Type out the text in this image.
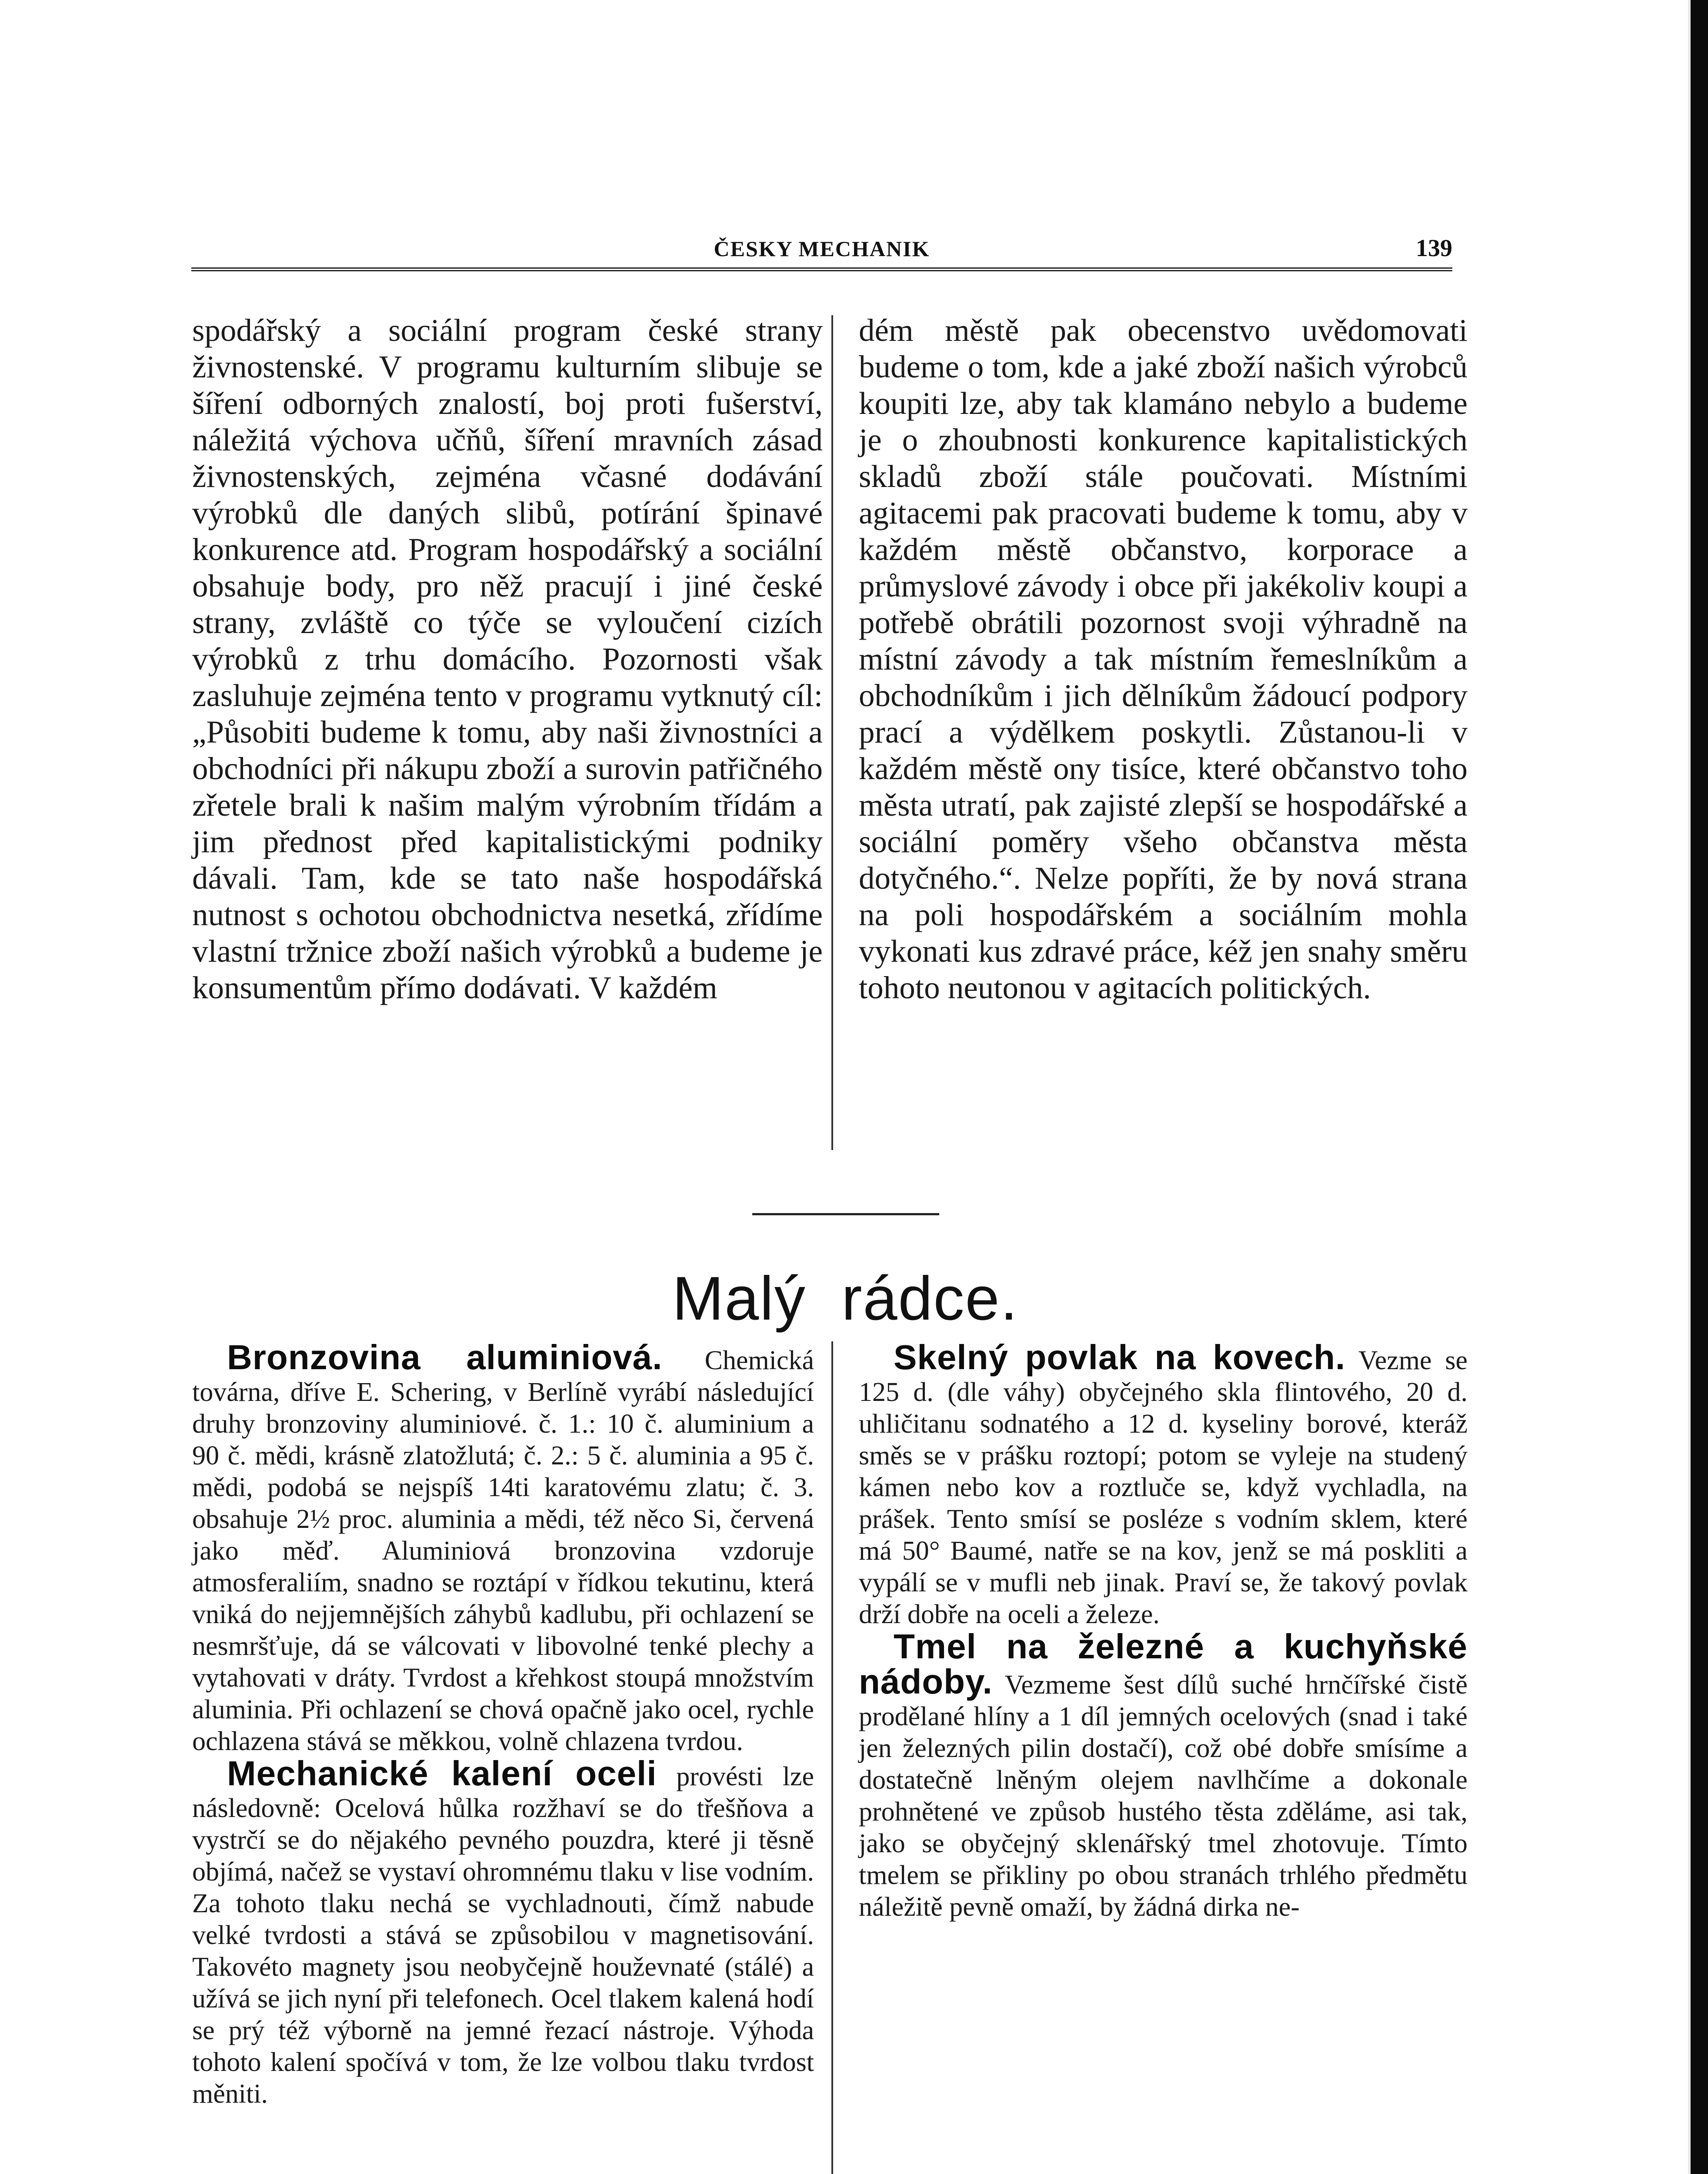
ČESKY MECHANIK	139

spodářský a sociální program české strany živnostenské. V programu kulturním slibuje se šíření odborných znalostí, boj proti fušerství, náležitá výchova učňů, šíření mravních zásad živnostenských, zejména včasné dodávání výrobků dle daných slibů, potírání špinavé konkurence atd. Program hospodářský a sociální obsahuje body, pro něž pracují i jiné české strany, zvláště co týče se vyloučení cizích výrobků z trhu domácího. Pozornosti však zasluhuje zejména tento v programu vytknutý cíl: „Působiti budeme k tomu, aby naši živnostníci a obchodníci při nákupu zboží a surovin patřičného zřetele brali k našim malým výrobním třídám a jim přednost před kapitalistickými podniky dávali. Tam, kde se tato naše hospodářská nutnost s ochotou obchodnictva nesetká, zřídíme vlastní tržnice zboží našich výrobků a budeme je konsumentům přímo dodávati. V každém

dém městě pak obecenstvo uvědomovati budeme o tom, kde a jaké zboží našich výrobců koupiti lze, aby tak klamáno nebylo a budeme je o zhoubnosti konkurence kapitalistických skladů zboží stále poučovati. Místními agitacemi pak pracovati budeme k tomu, aby v každém městě občanstvo, korporace a průmyslové závody i obce při jakékoliv koupi a potřebě obrátili pozornost svoji výhradně na místní závody a tak místním řemeslníkům a obchodníkům i jich dělníkům žádoucí podpory prací a výdělkem poskytli. Zůstanou-li v každém městě ony tisíce, které občanstvo toho města utratí, pak zajisté zlepší se hospodářské a sociální poměry všeho občanstva města dotyčného.“. Nelze popříti, že by nová strana na poli hospodářském a sociálním mohla vykonati kus zdravé práce, kéž jen snahy směru tohoto neutonou v agitacích politických.

Malý rádce.

Bronzovina aluminiová. Chemická továrna, dříve E. Schering, v Berlíně vyrábí následující druhy bronzoviny aluminiové. č. 1.: 10 č. aluminium a 90 č. mědi, krásně zlatožlutá; č. 2.: 5 č. aluminia a 95 č. mědi, podobá se nejspíš 14ti karatovému zlatu; č. 3. obsahuje 2½ proc. aluminia a mědi, též něco Si, červená jako měď. Aluminiová bronzovina vzdoruje atmosferaliím, snadno se roztápí v řídkou tekutinu, která vniká do nejjemnějších záhybů kadlubu, při ochlazení se nesmršťuje, dá se válcovati v libovolné tenké plechy a vytahovati v dráty. Tvrdost a křehkost stoupá množstvím aluminia. Při ochlazení se chová opačně jako ocel, rychle ochlazena stává se měkkou, volně chlazena tvrdou.

Mechanické kalení oceli provésti lze následovně: Ocelová hůlka rozžhaví se do třešňova a vystrčí se do nějakého pevného pouzdra, které ji těsně objímá, načež se vystaví ohromnému tlaku v lise vodním. Za tohoto tlaku nechá se vychladnouti, čímž nabude velké tvrdosti a stává se způsobilou v magnetisování. Takovéto magnety jsou neobyčejně houževnaté (stálé) a užívá se jich nyní při telefonech. Ocel tlakem kalená hodí se prý též výborně na jemné řezací nástroje. Výhoda tohoto kalení spočívá v tom, že lze volbou tlaku tvrdost měniti.

Skelný povlak na kovech. Vezme se 125 d. (dle váhy) obyčejného skla flintového, 20 d. uhličitanu sodnatého a 12 d. kyseliny borové, kteráž směs se v prášku roztopí; potom se vyleje na studený kámen nebo kov a roztluče se, když vychladla, na prášek. Tento smísí se posléze s vodním sklem, které má 50° Baumé, natře se na kov, jenž se má poskliti a vypálí se v mufli neb jinak. Praví se, že takový povlak drží dobře na oceli a železe.

Tmel na železné a kuchyňské nádoby. Vezmeme šest dílů suché hrnčířské čistě prodělané hlíny a 1 díl jemných ocelových (snad i také jen železných pilin dostačí), což obé dobře smísíme a dostatečně lněným olejem navlhčíme a dokonale prohnětené ve způsob hustého těsta zděláme, asi tak, jako se obyčejný sklenářský tmel zhotovuje. Tímto tmelem se přikliny po obou stranách trhlého předmětu náležitě pevně omaží, by žádná dirka ne-
